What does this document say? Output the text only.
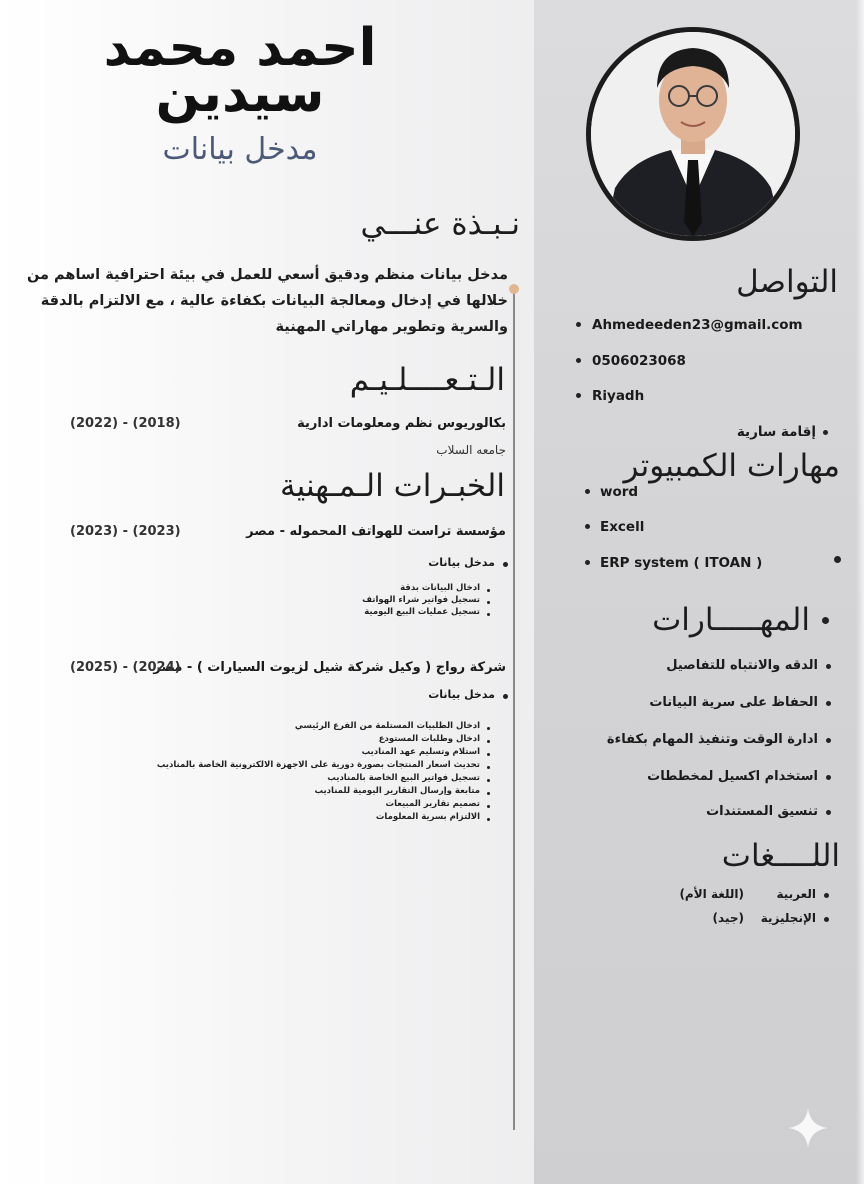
احمد محمد
سيدين
مدخل بيانات
نـبـذة عنـــي
مدخل بيانات منظم ودقيق أسعي للعمل في بيئة احترافية اساهم من خلالها في إدخال ومعالجة البيانات بكفاءة عالية ، مع الالتزام بالدقة والسرية وتطوير مهاراتي المهنية
الـتـعــــلـيـم
بكالوريوس نظم ومعلومات ادارية
(2022) - (2018)
جامعه السلاب
الخبـرات الـمـهنية
مؤسسة تراست للهواتف المحموله - مصر
(2023) - (2023)
مدخل بيانات
ادخال البيانات بدقة
تسجيل فواتير شراء الهواتف
تسجيل عمليات البيع اليومية
شركة رواج ( وكيل شركة شيل لزيوت السيارات ) - مصر
(2025) - (2024)
مدخل بيانات
ادخال الطلبيات المستلمة من الفرع الرئيسي
ادخال وطلبات المستودع
استلام وتسليم عهد المناديب
تحديث اسعار المنتجات بصورة دورية على الاجهزة الالكترونية الخاصة بالمناديب
تسجيل فواتير البيع الخاصة بالمناديب
متابعة وإرسال التقارير اليومية للمناديب
تصميم تقارير المبيعات
الالتزام بسرية المعلومات
التواصل
Ahmedeeden23@gmail.com
0506023068
Riyadh
إقامة سارية
مهارات الكمبيوتر
word
Excell
ERP system ( ITOAN )
المهـــــارات
الدقه والانتباه للتفاصيل
الحفاظ على سرية البيانات
ادارة الوقت وتنفيذ المهام بكفاءة
استخدام اكسيل لمخططات
تنسيق المستندات
اللــــغات
العربية
(اللغة الأم)
الإنجليزية
(جيد)
